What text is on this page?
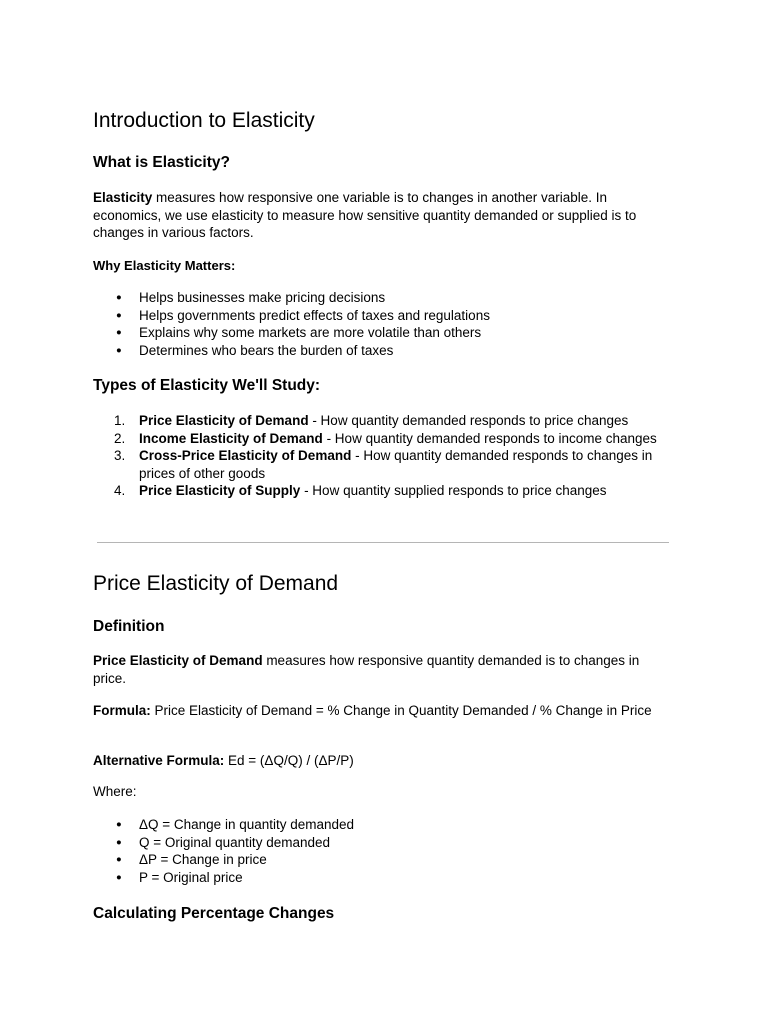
Introduction to Elasticity
What is Elasticity?

Elasticity measures how responsive one variable is to changes in another variable. In economics, we use elasticity to measure how sensitive quantity demanded or supplied is to changes in various factors.

Why Elasticity Matters:

● Helps businesses make pricing decisions
● Helps governments predict effects of taxes and regulations
● Explains why some markets are more volatile than others
● Determines who bears the burden of taxes
Types of Elasticity We'll Study:
1. Price Elasticity of Demand - How quantity demanded responds to price changes
2. Income Elasticity of Demand - How quantity demanded responds to income changes
3. Cross-Price Elasticity of Demand - How quantity demanded responds to changes in prices of other goods
4. Price Elasticity of Supply - How quantity supplied responds to price changes
Price Elasticity of Demand
Definition

Price Elasticity of Demand measures how responsive quantity demanded is to changes in price.

Formula: Price Elasticity of Demand = % Change in Quantity Demanded / % Change in Price

Alternative Formula: Ed = (ΔQ/Q) / (ΔP/P)

Where:

● ΔQ = Change in quantity demanded
● Q = Original quantity demanded
● ΔP = Change in price
● P = Original price
Calculating Percentage Changes
